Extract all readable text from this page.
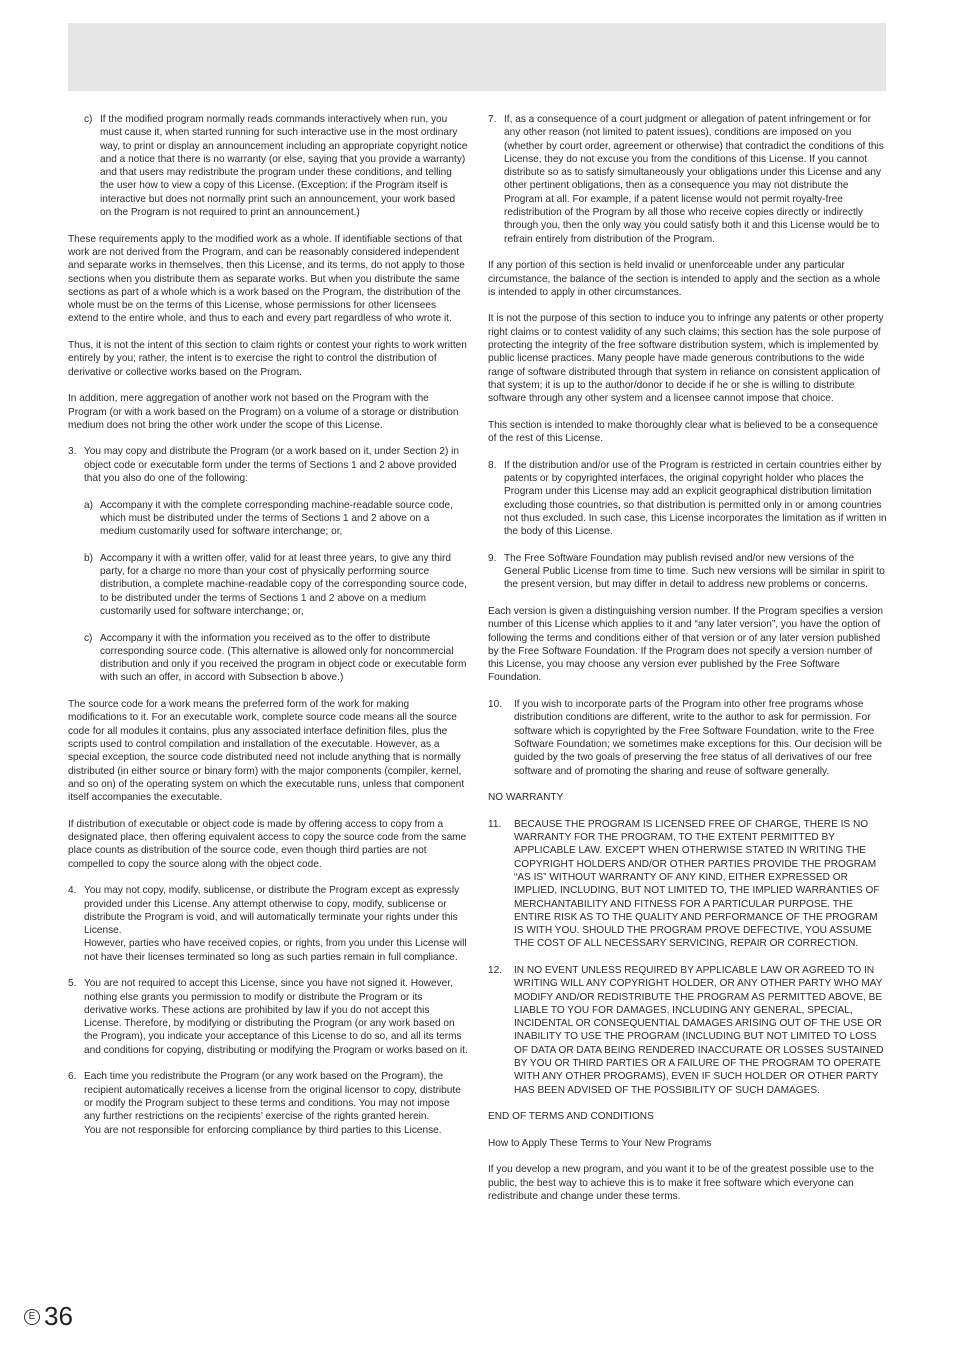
c) If the modified program normally reads commands interactively when run, you must cause it, when started running for such interactive use in the most ordinary way, to print or display an announcement including an appropriate copyright notice and a notice that there is no warranty (or else, saying that you provide a warranty) and that users may redistribute the program under these conditions, and telling the user how to view a copy of this License. (Exception: if the Program itself is interactive but does not normally print such an announcement, your work based on the Program is not required to print an announcement.)
These requirements apply to the modified work as a whole. If identifiable sections of that work are not derived from the Program, and can be reasonably considered independent and separate works in themselves, then this License, and its terms, do not apply to those sections when you distribute them as separate works. But when you distribute the same sections as part of a whole which is a work based on the Program, the distribution of the whole must be on the terms of this License, whose permissions for other licensees extend to the entire whole, and thus to each and every part regardless of who wrote it.
Thus, it is not the intent of this section to claim rights or contest your rights to work written entirely by you; rather, the intent is to exercise the right to control the distribution of derivative or collective works based on the Program.
In addition, mere aggregation of another work not based on the Program with the Program (or with a work based on the Program) on a volume of a storage or distribution medium does not bring the other work under the scope of this License.
3. You may copy and distribute the Program (or a work based on it, under Section 2) in object code or executable form under the terms of Sections 1 and 2 above provided that you also do one of the following:
a) Accompany it with the complete corresponding machine-readable source code, which must be distributed under the terms of Sections 1 and 2 above on a medium customarily used for software interchange; or,
b) Accompany it with a written offer, valid for at least three years, to give any third party, for a charge no more than your cost of physically performing source distribution, a complete machine-readable copy of the corresponding source code, to be distributed under the terms of Sections 1 and 2 above on a medium customarily used for software interchange; or,
c) Accompany it with the information you received as to the offer to distribute corresponding source code. (This alternative is allowed only for noncommercial distribution and only if you received the program in object code or executable form with such an offer, in accord with Subsection b above.)
The source code for a work means the preferred form of the work for making modifications to it. For an executable work, complete source code means all the source code for all modules it contains, plus any associated interface definition files, plus the scripts used to control compilation and installation of the executable. However, as a special exception, the source code distributed need not include anything that is normally distributed (in either source or binary form) with the major components (compiler, kernel, and so on) of the operating system on which the executable runs, unless that component itself accompanies the executable.
If distribution of executable or object code is made by offering access to copy from a designated place, then offering equivalent access to copy the source code from the same place counts as distribution of the source code, even though third parties are not compelled to copy the source along with the object code.
4. You may not copy, modify, sublicense, or distribute the Program except as expressly provided under this License. Any attempt otherwise to copy, modify, sublicense or distribute the Program is void, and will automatically terminate your rights under this License.
However, parties who have received copies, or rights, from you under this License will not have their licenses terminated so long as such parties remain in full compliance.
5. You are not required to accept this License, since you have not signed it. However, nothing else grants you permission to modify or distribute the Program or its derivative works. These actions are prohibited by law if you do not accept this License. Therefore, by modifying or distributing the Program (or any work based on the Program), you indicate your acceptance of this License to do so, and all its terms and conditions for copying, distributing or modifying the Program or works based on it.
6. Each time you redistribute the Program (or any work based on the Program), the recipient automatically receives a license from the original licensor to copy, distribute or modify the Program subject to these terms and conditions. You may not impose any further restrictions on the recipients’ exercise of the rights granted herein.
You are not responsible for enforcing compliance by third parties to this License.
7. If, as a consequence of a court judgment or allegation of patent infringement or for any other reason (not limited to patent issues), conditions are imposed on you (whether by court order, agreement or otherwise) that contradict the conditions of this License, they do not excuse you from the conditions of this License. If you cannot distribute so as to satisfy simultaneously your obligations under this License and any other pertinent obligations, then as a consequence you may not distribute the Program at all. For example, if a patent license would not permit royalty-free redistribution of the Program by all those who receive copies directly or indirectly through you, then the only way you could satisfy both it and this License would be to refrain entirely from distribution of the Program.
If any portion of this section is held invalid or unenforceable under any particular circumstance, the balance of the section is intended to apply and the section as a whole is intended to apply in other circumstances.
It is not the purpose of this section to induce you to infringe any patents or other property right claims or to contest validity of any such claims; this section has the sole purpose of protecting the integrity of the free software distribution system, which is implemented by public license practices. Many people have made generous contributions to the wide range of software distributed through that system in reliance on consistent application of that system; it is up to the author/donor to decide if he or she is willing to distribute software through any other system and a licensee cannot impose that choice.
This section is intended to make thoroughly clear what is believed to be a consequence of the rest of this License.
8. If the distribution and/or use of the Program is restricted in certain countries either by patents or by copyrighted interfaces, the original copyright holder who places the Program under this License may add an explicit geographical distribution limitation excluding those countries, so that distribution is permitted only in or among countries not thus excluded. In such case, this License incorporates the limitation as if written in the body of this License.
9. The Free Software Foundation may publish revised and/or new versions of the General Public License from time to time. Such new versions will be similar in spirit to the present version, but may differ in detail to address new problems or concerns.
Each version is given a distinguishing version number. If the Program specifies a version number of this License which applies to it and “any later version”, you have the option of following the terms and conditions either of that version or of any later version published by the Free Software Foundation. If the Program does not specify a version number of this License, you may choose any version ever published by the Free Software Foundation.
10. If you wish to incorporate parts of the Program into other free programs whose distribution conditions are different, write to the author to ask for permission. For software which is copyrighted by the Free Software Foundation, write to the Free Software Foundation; we sometimes make exceptions for this. Our decision will be guided by the two goals of preserving the free status of all derivatives of our free software and of promoting the sharing and reuse of software generally.
NO WARRANTY
11. BECAUSE THE PROGRAM IS LICENSED FREE OF CHARGE, THERE IS NO WARRANTY FOR THE PROGRAM, TO THE EXTENT PERMITTED BY APPLICABLE LAW. EXCEPT WHEN OTHERWISE STATED IN WRITING THE COPYRIGHT HOLDERS AND/OR OTHER PARTIES PROVIDE THE PROGRAM “AS IS” WITHOUT WARRANTY OF ANY KIND, EITHER EXPRESSED OR IMPLIED, INCLUDING, BUT NOT LIMITED TO, THE IMPLIED WARRANTIES OF MERCHANTABILITY AND FITNESS FOR A PARTICULAR PURPOSE. THE ENTIRE RISK AS TO THE QUALITY AND PERFORMANCE OF THE PROGRAM IS WITH YOU. SHOULD THE PROGRAM PROVE DEFECTIVE, YOU ASSUME THE COST OF ALL NECESSARY SERVICING, REPAIR OR CORRECTION.
12. IN NO EVENT UNLESS REQUIRED BY APPLICABLE LAW OR AGREED TO IN WRITING WILL ANY COPYRIGHT HOLDER, OR ANY OTHER PARTY WHO MAY MODIFY AND/OR REDISTRIBUTE THE PROGRAM AS PERMITTED ABOVE, BE LIABLE TO YOU FOR DAMAGES, INCLUDING ANY GENERAL, SPECIAL, INCIDENTAL OR CONSEQUENTIAL DAMAGES ARISING OUT OF THE USE OR INABILITY TO USE THE PROGRAM (INCLUDING BUT NOT LIMITED TO LOSS OF DATA OR DATA BEING RENDERED INACCURATE OR LOSSES SUSTAINED BY YOU OR THIRD PARTIES OR A FAILURE OF THE PROGRAM TO OPERATE WITH ANY OTHER PROGRAMS), EVEN IF SUCH HOLDER OR OTHER PARTY HAS BEEN ADVISED OF THE POSSIBILITY OF SUCH DAMAGES.
END OF TERMS AND CONDITIONS
How to Apply These Terms to Your New Programs
If you develop a new program, and you want it to be of the greatest possible use to the public, the best way to achieve this is to make it free software which everyone can redistribute and change under these terms.
E 36
